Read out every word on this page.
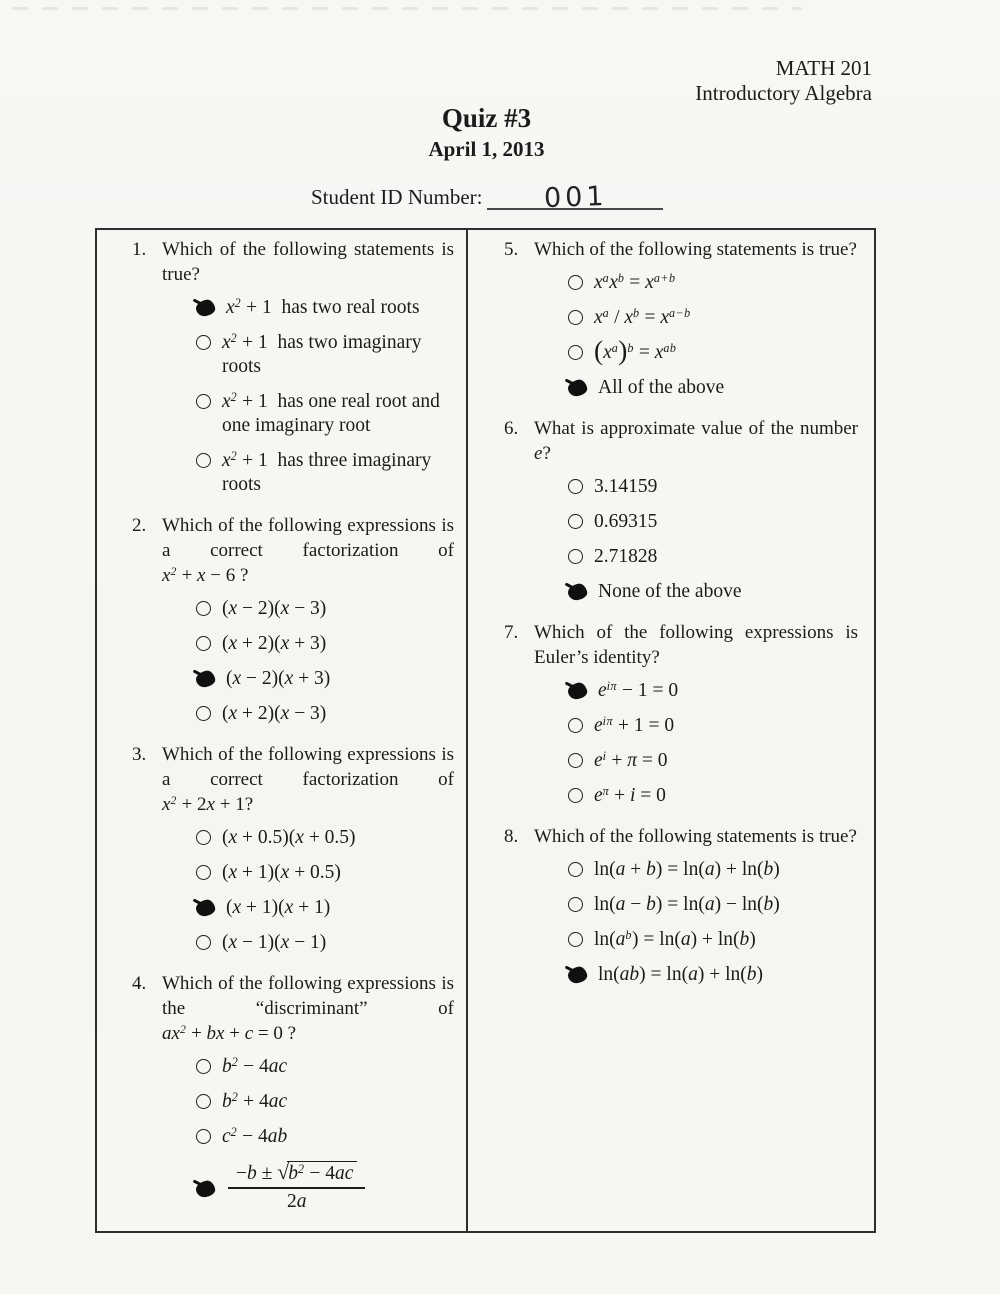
MATH 201
Introductory Algebra
Quiz #3
April 1, 2013
Student ID Number: 001
1. Which of the following statements is true?
$x^2 + 1$ has two real roots
$x^2 + 1$ has two imaginary roots
$x^2 + 1$ has one real root and one imaginary root
$x^2 + 1$ has three imaginary roots
2. Which of the following expressions is a correct factorization of
$x^2 + x - 6$ ?
(x − 2)(x − 3)
(x + 2)(x + 3)
(x − 2)(x + 3)
(x + 2)(x − 3)
3. Which of the following expressions is a correct factorization of
$x^2 + 2x + 1$?
(x + 0.5)(x + 0.5)
(x + 1)(x + 0.5)
(x + 1)(x + 1)
(x − 1)(x − 1)
4. Which of the following expressions is the “discriminant” of
$ax^2$ + bx + c = 0 ?
$b^2 - 4ac$
$b^2 + 4ac$
$c^2 - 4ab$
$\frac{-b \pm √b^2 - 4ac}{2a}$
5. Which of the following statements is true?
$x^ax^b = x^{a+b}$
$x^a / x^b = x^{a-b}$
$(x^a)^b = x^{ab}$
All of the above
6. What is approximate value of the number e?
3.14159
0.69315
2.71828
None of the above
7. Which of the following expressions is Euler’s identity?
$e^{i\pi} - 1 = 0$
$e^{i\pi} + 1 = 0$
$e^i + \pi = 0$
$e^\pi + i = 0$
8. Which of the following statements is true?
ln(a + b) = ln(a) + ln(b)
ln(a − b) = ln(a) − ln(b)
$\ln(a^b) = \ln(a) + \ln(b)$
ln(ab) = ln(a) + ln(b)
